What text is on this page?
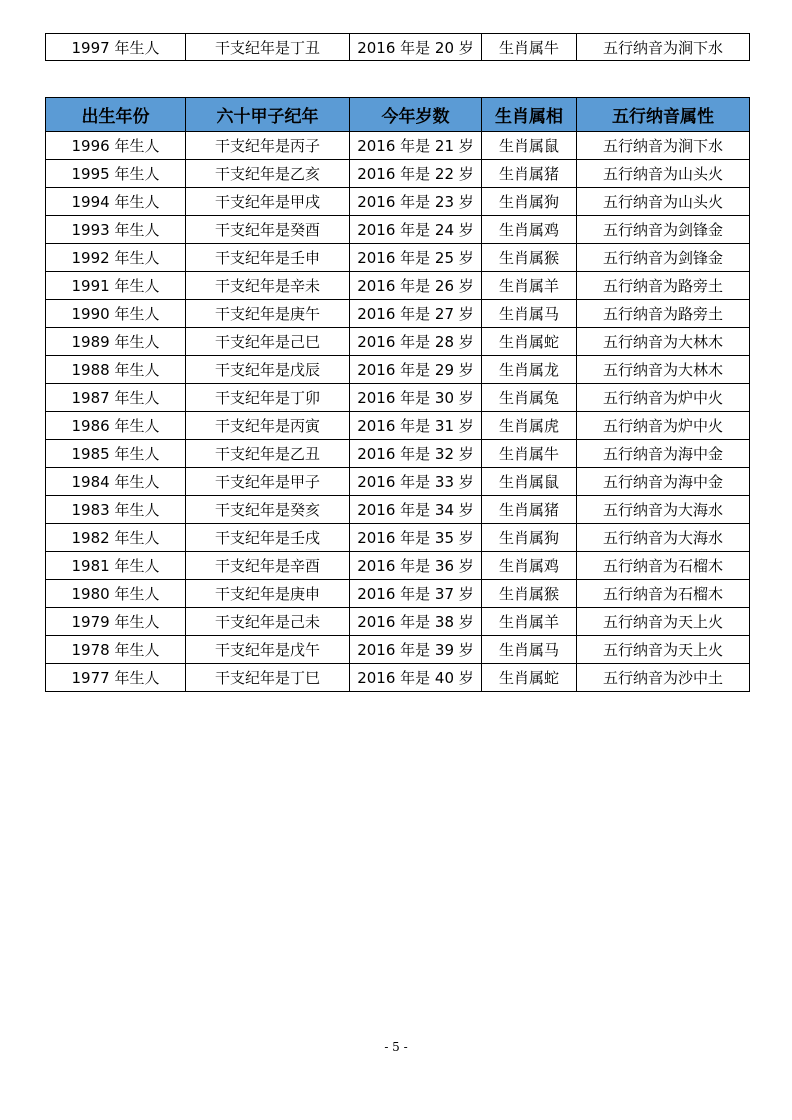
1997 年生人	干支纪年是丁丑	2016 年是 20 岁	生肖属牛	五行纳音为涧下水
出生年份	六十甲子纪年	今年岁数	生肖属相	五行纳音属性
1996 年生人	干支纪年是丙子	2016 年是 21 岁	生肖属鼠	五行纳音为涧下水
1995 年生人	干支纪年是乙亥	2016 年是 22 岁	生肖属猪	五行纳音为山头火
1994 年生人	干支纪年是甲戌	2016 年是 23 岁	生肖属狗	五行纳音为山头火
1993 年生人	干支纪年是癸酉	2016 年是 24 岁	生肖属鸡	五行纳音为剑锋金
1992 年生人	干支纪年是壬申	2016 年是 25 岁	生肖属猴	五行纳音为剑锋金
1991 年生人	干支纪年是辛未	2016 年是 26 岁	生肖属羊	五行纳音为路旁土
1990 年生人	干支纪年是庚午	2016 年是 27 岁	生肖属马	五行纳音为路旁土
1989 年生人	干支纪年是己巳	2016 年是 28 岁	生肖属蛇	五行纳音为大林木
1988 年生人	干支纪年是戊辰	2016 年是 29 岁	生肖属龙	五行纳音为大林木
1987 年生人	干支纪年是丁卯	2016 年是 30 岁	生肖属兔	五行纳音为炉中火
1986 年生人	干支纪年是丙寅	2016 年是 31 岁	生肖属虎	五行纳音为炉中火
1985 年生人	干支纪年是乙丑	2016 年是 32 岁	生肖属牛	五行纳音为海中金
1984 年生人	干支纪年是甲子	2016 年是 33 岁	生肖属鼠	五行纳音为海中金
1983 年生人	干支纪年是癸亥	2016 年是 34 岁	生肖属猪	五行纳音为大海水
1982 年生人	干支纪年是壬戌	2016 年是 35 岁	生肖属狗	五行纳音为大海水
1981 年生人	干支纪年是辛酉	2016 年是 36 岁	生肖属鸡	五行纳音为石榴木
1980 年生人	干支纪年是庚申	2016 年是 37 岁	生肖属猴	五行纳音为石榴木
1979 年生人	干支纪年是己未	2016 年是 38 岁	生肖属羊	五行纳音为天上火
1978 年生人	干支纪年是戊午	2016 年是 39 岁	生肖属马	五行纳音为天上火
1977 年生人	干支纪年是丁巳	2016 年是 40 岁	生肖属蛇	五行纳音为沙中土
- 5 -
